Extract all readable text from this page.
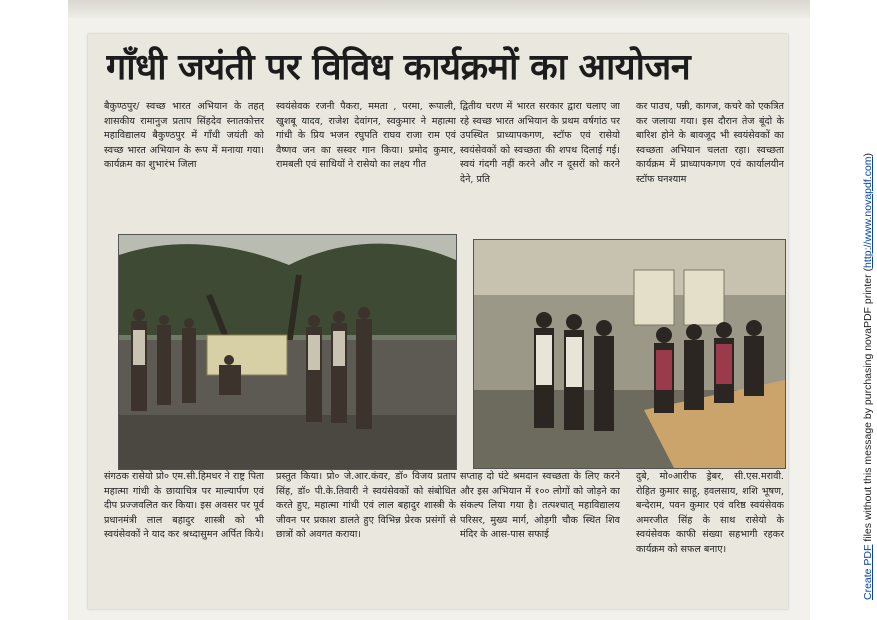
गाँधी जयंती पर विविध कार्यक्रमों का आयोजन

बैकुण्ठपुर/ स्वच्छ भारत अभियान के तहत् शासकीय रामानुज प्रताप सिंहदेव स्नातकोत्तर महाविद्यालय बैकुण्ठपुर में गाँधी जयंती को स्वच्छ भारत अभियान के रूप में मनाया गया। कार्यक्रम का शुभारंभ जिला

स्वयंसेवक रजनी पैकरा, ममता , परमा, रूपाली, खुशबू यादव, राजेश देवांगन, स्वकुमार ने महात्मा गांधी के प्रिय भजन रघुपति राघव राजा राम एवं वैष्णव जन का सस्वर गान किया। प्रमोद कुमार, रामबली एवं साथियों ने रासेयो का लक्ष्य गीत

द्वितीय चरण में भारत सरकार द्वारा चलाए जा रहे स्वच्छ भारत अभियान के प्रथम वर्षगांठ पर उपस्थित प्राध्यापकगण, स्टॉफ एवं रासेयो स्वयंसेवकों को स्वच्छता की शपथ दिलाई गई। स्वयं गंदगी नहीं करने और न दूसरों को करने देने, प्रति

कर पाउच, पन्नी, कागज, कचरे को एकत्रित कर जलाया गया। इस दौरान तेज बूंदो के बारिश होने के बावजूद भी स्वयंसेवकों का स्वच्छता अभियान चलता रहा। स्वच्छता कार्यक्रम में प्राध्यापकगण एवं कार्यालयीन स्टॉफ घनश्याम

संगठक रासेयो प्रो० एम.सी.हिमधर ने राष्ट्र पिता महात्मा गांधी के छायाचित्र पर माल्यार्पण एवं दीप प्रज्जवलित कर किया। इस अवसर पर पूर्व प्रधानमंत्री लाल बहादुर शास्त्री को भी स्वयंसेवकों ने याद कर श्रध्दासुमन अर्पित किये।

प्रस्तुत किया। प्रो० जे.आर.कंवर, डॉ० विजय प्रताप सिंह, डॉ० पी.के.तिवारी ने स्वयंसेवकों को संबोधित करते हुए, महात्मा गांधी एवं लाल बहादुर शास्त्री के जीवन पर प्रकाश डालते हुए विभिन्न प्रेरक प्रसंगों से छात्रों को अवगत कराया।

सप्ताह दो घंटे श्रमदान स्वच्छता के लिए करने और इस अभियान में १०० लोगों को जोड़ने का संकल्प लिया गया है। तत्पश्चात् महाविद्यालय परिसर, मुख्य मार्ग, ओड़गी चौक स्थित शिव मंदिर के आस-पास सफाई

दुबे, मो०आरीफ ड्रेबर, सी.एस.मरावी. रोहित कुमार साहू, हवलसाय, शशि भूषण, बन्देराम, पवन कुमार एवं वरिष्ठ स्वयंसेवक अमरजीत सिंह के साथ रासेयो के स्वयंसेवक काफी संख्या सहभागी रहकर कार्यक्रम को सफल बनाए।	Create PDF files without this message by purchasing novaPDF printer (http://www.novapdf.com)
